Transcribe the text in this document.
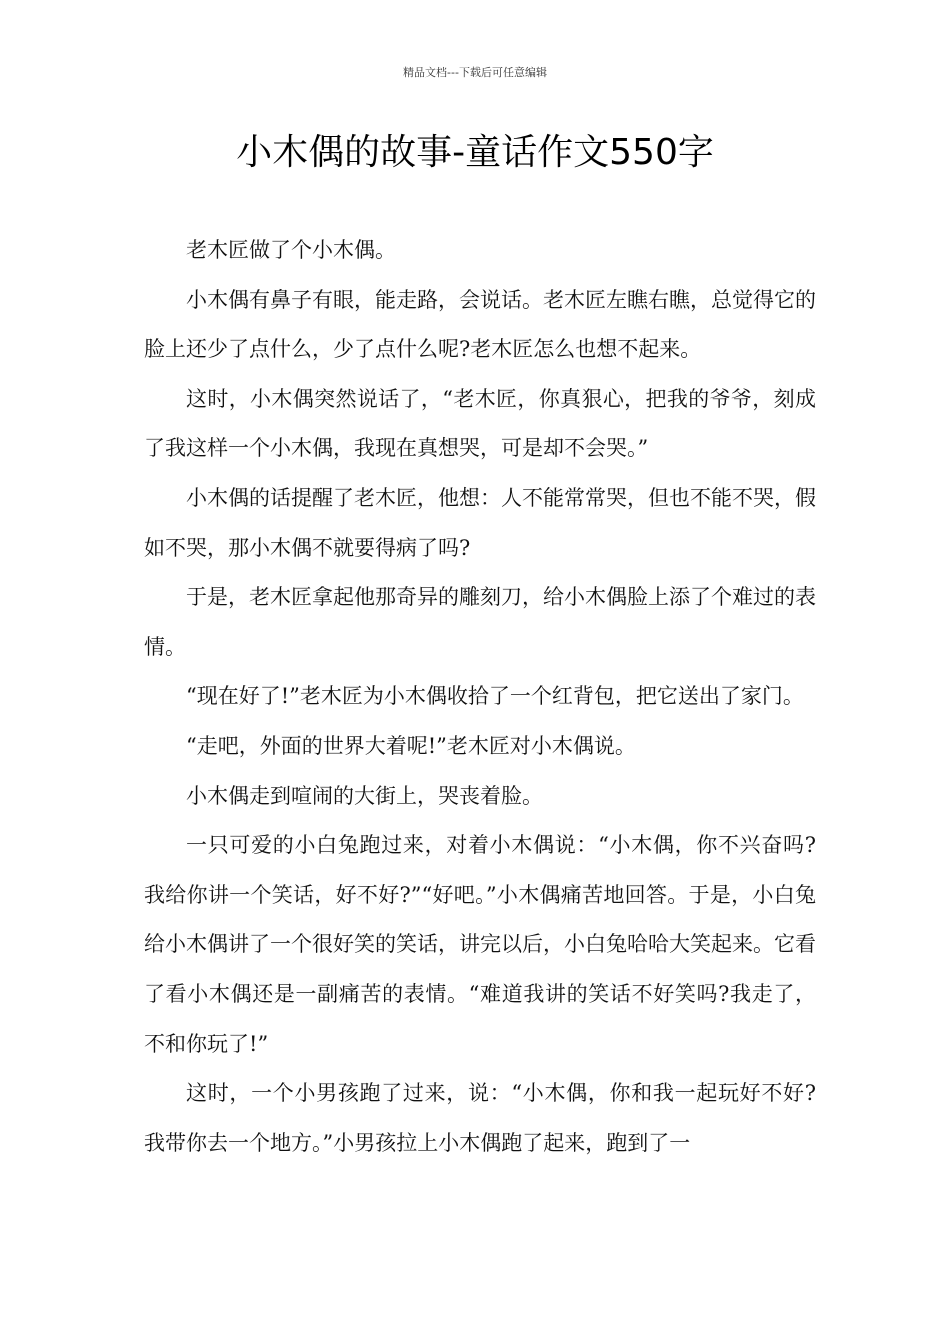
精品文档---下载后可任意编辑
小木偶的故事-童话作文550字

老木匠做了个小木偶。

小木偶有鼻子有眼，能走路，会说话。老木匠左瞧右瞧，总觉得它的脸上还少了点什么，少了点什么呢?老木匠怎么也想不起来。

这时，小木偶突然说话了，“老木匠，你真狠心，把我的爷爷，刻成了我这样一个小木偶，我现在真想哭，可是却不会哭。”

小木偶的话提醒了老木匠，他想：人不能常常哭，但也不能不哭，假如不哭，那小木偶不就要得病了吗?

于是，老木匠拿起他那奇异的雕刻刀，给小木偶脸上添了个难过的表情。

“现在好了!”老木匠为小木偶收拾了一个红背包，把它送出了家门。

“走吧，外面的世界大着呢!”老木匠对小木偶说。

小木偶走到喧闹的大街上，哭丧着脸。

一只可爱的小白兔跑过来，对着小木偶说：“小木偶，你不兴奋吗?我给你讲一个笑话，好不好?”“好吧。”小木偶痛苦地回答。于是，小白兔给小木偶讲了一个很好笑的笑话，讲完以后，小白兔哈哈大笑起来。它看了看小木偶还是一副痛苦的表情。“难道我讲的笑话不好笑吗?我走了，不和你玩了!”

这时，一个小男孩跑了过来，说：“小木偶，你和我一起玩好不好?我带你去一个地方。”小男孩拉上小木偶跑了起来，跑到了一
